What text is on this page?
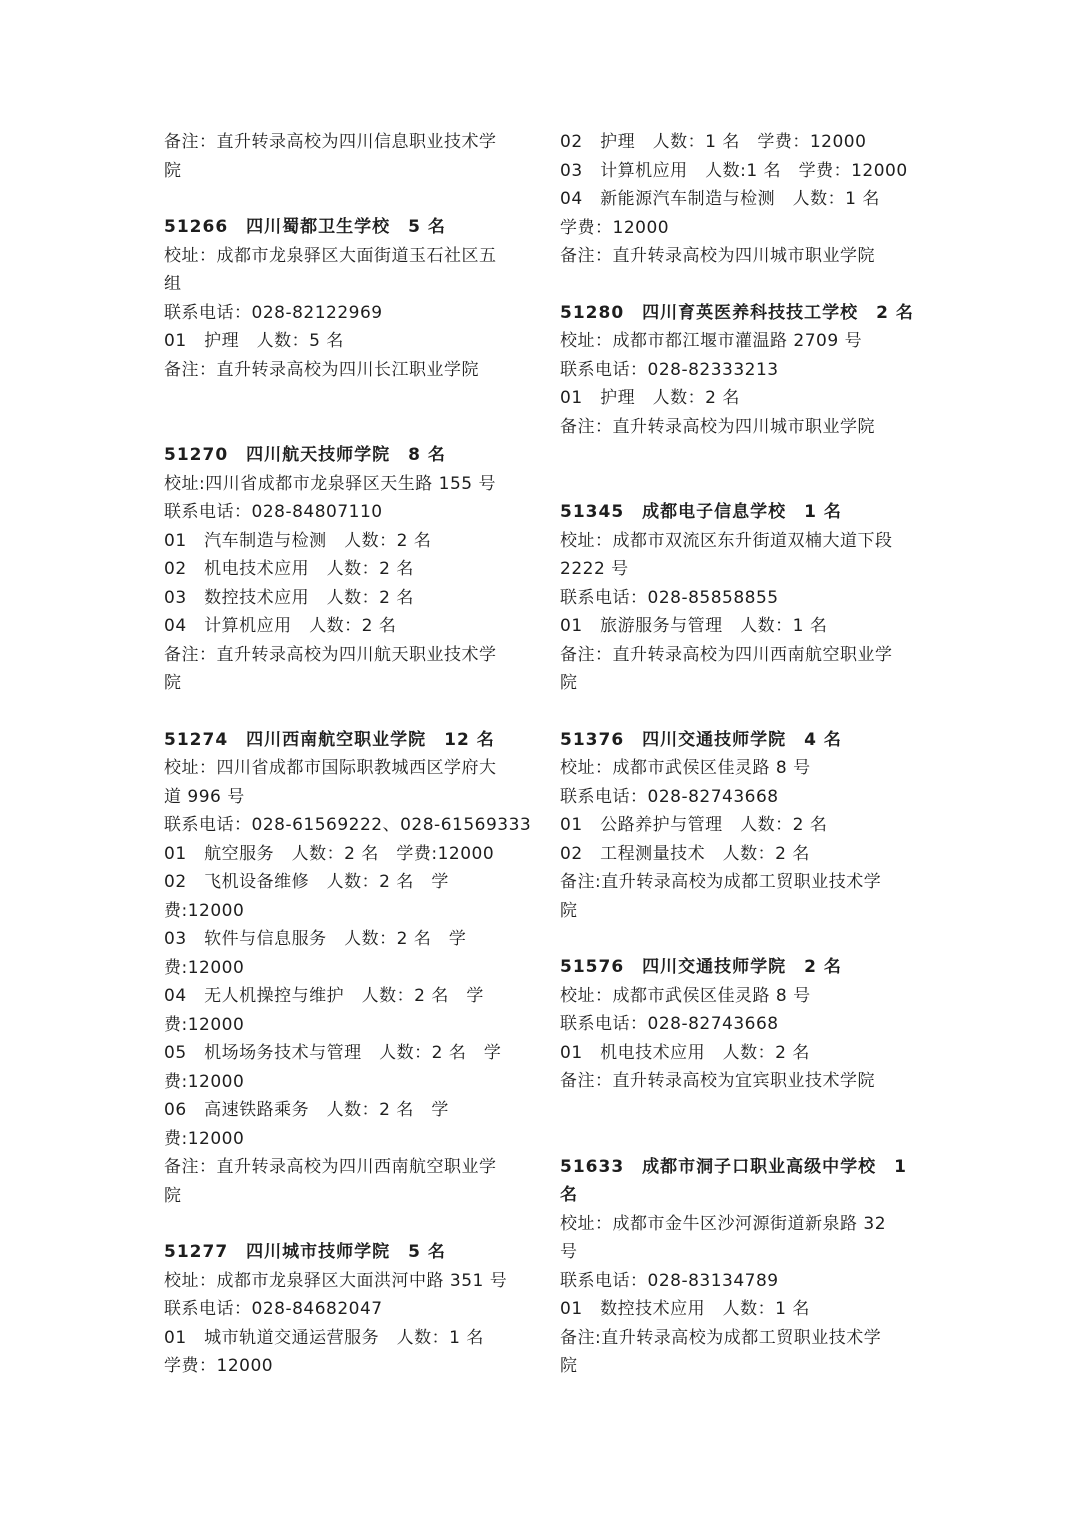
备注：直升转录高校为四川信息职业技术学
院
51266　四川蜀都卫生学校　5 名
校址：成都市龙泉驿区大面街道玉石社区五
组
联系电话：028-82122969
01　护理　人数：5 名
备注：直升转录高校为四川长江职业学院
51270　四川航天技师学院　8 名
校址:四川省成都市龙泉驿区天生路 155 号
联系电话：028-84807110
01　汽车制造与检测　人数：2 名
02　机电技术应用　人数：2 名
03　数控技术应用　人数：2 名
04　计算机应用　人数：2 名
备注：直升转录高校为四川航天职业技术学
院
51274　四川西南航空职业学院　12 名
校址：四川省成都市国际职教城西区学府大
道 996 号
联系电话：028-61569222、028-61569333
01　航空服务　人数：2 名　学费:12000
02　飞机设备维修　人数：2 名　学
费:12000
03　软件与信息服务　人数：2 名　学
费:12000
04　无人机操控与维护　人数：2 名　学
费:12000
05　机场场务技术与管理　人数：2 名　学
费:12000
06　高速铁路乘务　人数：2 名　学
费:12000
备注：直升转录高校为四川西南航空职业学
院
51277　四川城市技师学院　5 名
校址：成都市龙泉驿区大面洪河中路 351 号
联系电话：028-84682047
01　城市轨道交通运营服务　人数：1 名
学费：12000
02　护理　人数：1 名　学费：12000
03　计算机应用　人数:1 名　学费：12000
04　新能源汽车制造与检测　人数：1 名
学费：12000
备注：直升转录高校为四川城市职业学院
51280　四川育英医养科技技工学校　2 名
校址：成都市都江堰市灌温路 2709 号
联系电话：028-82333213
01　护理　人数：2 名
备注：直升转录高校为四川城市职业学院
51345　成都电子信息学校　1 名
校址：成都市双流区东升街道双楠大道下段
2222 号
联系电话：028-85858855
01　旅游服务与管理　人数：1 名
备注：直升转录高校为四川西南航空职业学
院
51376　四川交通技师学院　4 名
校址：成都市武侯区佳灵路 8 号
联系电话：028-82743668
01　公路养护与管理　人数：2 名
02　工程测量技术　人数：2 名
备注:直升转录高校为成都工贸职业技术学
院
51576　四川交通技师学院　2 名
校址：成都市武侯区佳灵路 8 号
联系电话：028-82743668
01　机电技术应用　人数：2 名
备注：直升转录高校为宜宾职业技术学院
51633　成都市洞子口职业高级中学校　1
名
校址：成都市金牛区沙河源街道新泉路 32
号
联系电话：028-83134789
01　数控技术应用　人数：1 名
备注:直升转录高校为成都工贸职业技术学
院
